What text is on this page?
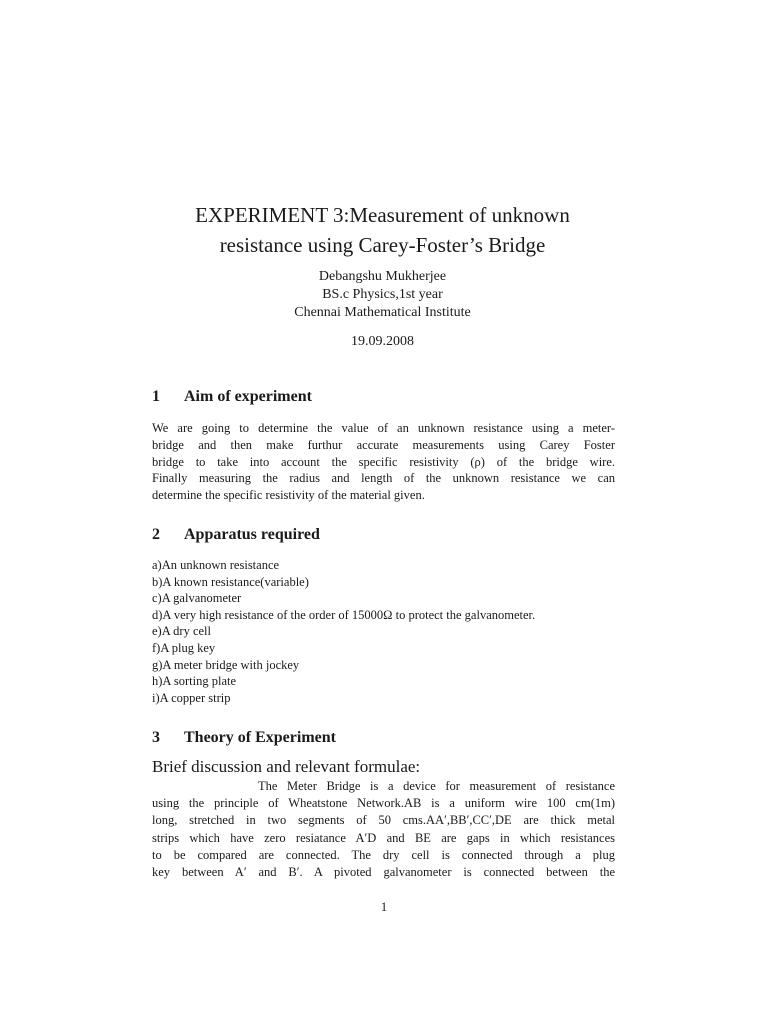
EXPERIMENT 3:Measurement of unknown
resistance using Carey-Foster’s Bridge
Debangshu Mukherjee
BS.c Physics,1st year
Chennai Mathematical Institute
19.09.2008
1 Aim of experiment
We are going to determine the value of an unknown resistance using a meter-
bridge and then make furthur accurate measurements using Carey Foster
bridge to take into account the specific resistivity (ρ) of the bridge wire.
Finally measuring the radius and length of the unknown resistance we can
determine the specific resistivity of the material given.
2 Apparatus required
a)An unknown resistance
b)A known resistance(variable)
c)A galvanometer
d)A very high resistance of the order of 15000Ω to protect the galvanometer.
e)A dry cell
f)A plug key
g)A meter bridge with jockey
h)A sorting plate
i)A copper strip
3 Theory of Experiment
Brief discussion and relevant formulae:
The Meter Bridge is a device for measurement of resistance
using the principle of Wheatstone Network.AB is a uniform wire 100 cm(1m)
long, stretched in two segments of 50 cms.AA′,BB′,CC′,DE are thick metal
strips which have zero resiatance A′D and BE are gaps in which resistances
to be compared are connected. The dry cell is connected through a plug
key between A′ and B′. A pivoted galvanometer is connected between the
1
